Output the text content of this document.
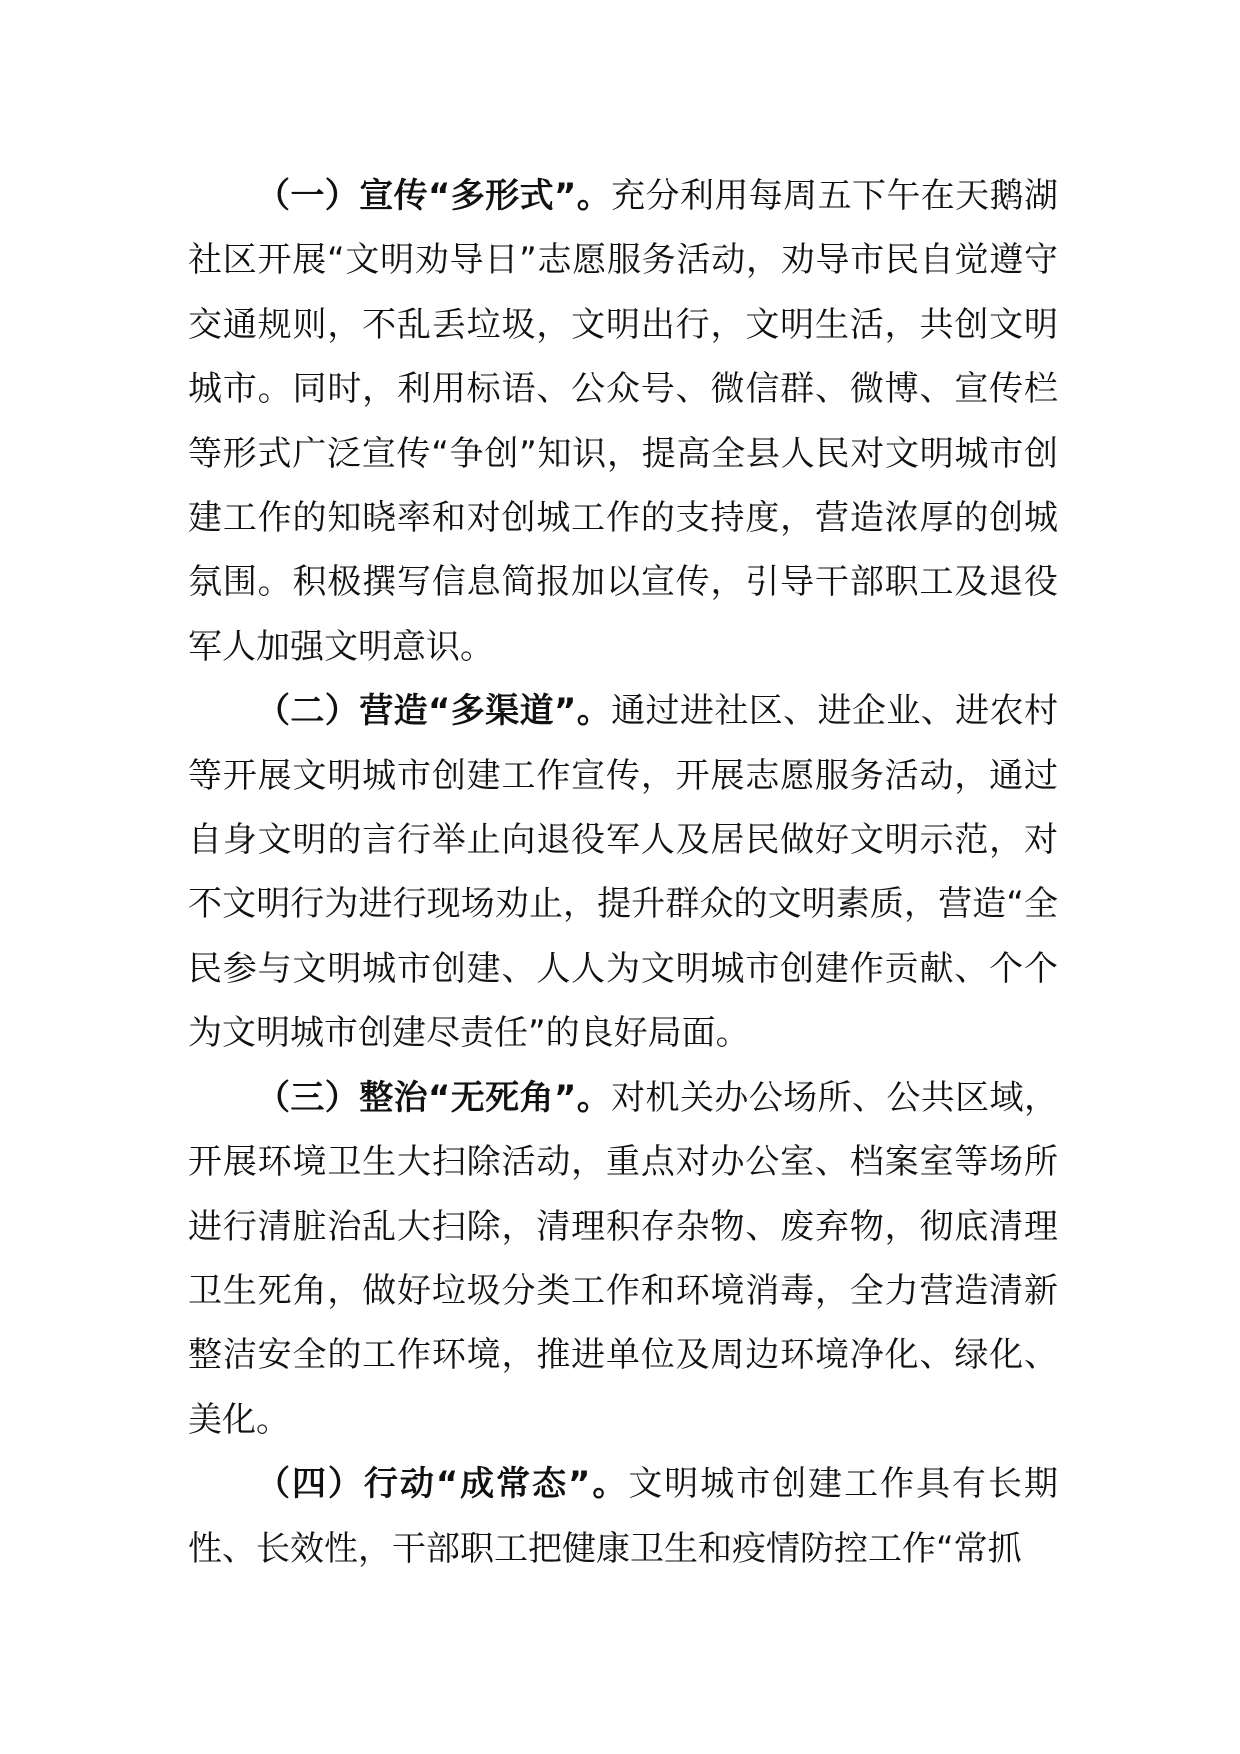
（一）宣传“多形式”。充分利用每周五下午在天鹅湖社区开展“文明劝导日”志愿服务活动，劝导市民自觉遵守交通规则，不乱丢垃圾，文明出行，文明生活，共创文明城市。同时，利用标语、公众号、微信群、微博、宣传栏等形式广泛宣传“争创”知识，提高全县人民对文明城市创建工作的知晓率和对创城工作的支持度，营造浓厚的创城氛围。积极撰写信息简报加以宣传，引导干部职工及退役军人加强文明意识。

（二）营造“多渠道”。通过进社区、进企业、进农村等开展文明城市创建工作宣传，开展志愿服务活动，通过自身文明的言行举止向退役军人及居民做好文明示范，对不文明行为进行现场劝止，提升群众的文明素质，营造“全民参与文明城市创建、人人为文明城市创建作贡献、个个为文明城市创建尽责任”的良好局面。

（三）整治“无死角”。对机关办公场所、公共区域，开展环境卫生大扫除活动，重点对办公室、档案室等场所进行清脏治乱大扫除，清理积存杂物、废弃物，彻底清理卫生死角，做好垃圾分类工作和环境消毒，全力营造清新整洁安全的工作环境，推进单位及周边环境净化、绿化、美化。

（四）行动“成常态”。文明城市创建工作具有长期性、长效性，干部职工把健康卫生和疫情防控工作“常抓
